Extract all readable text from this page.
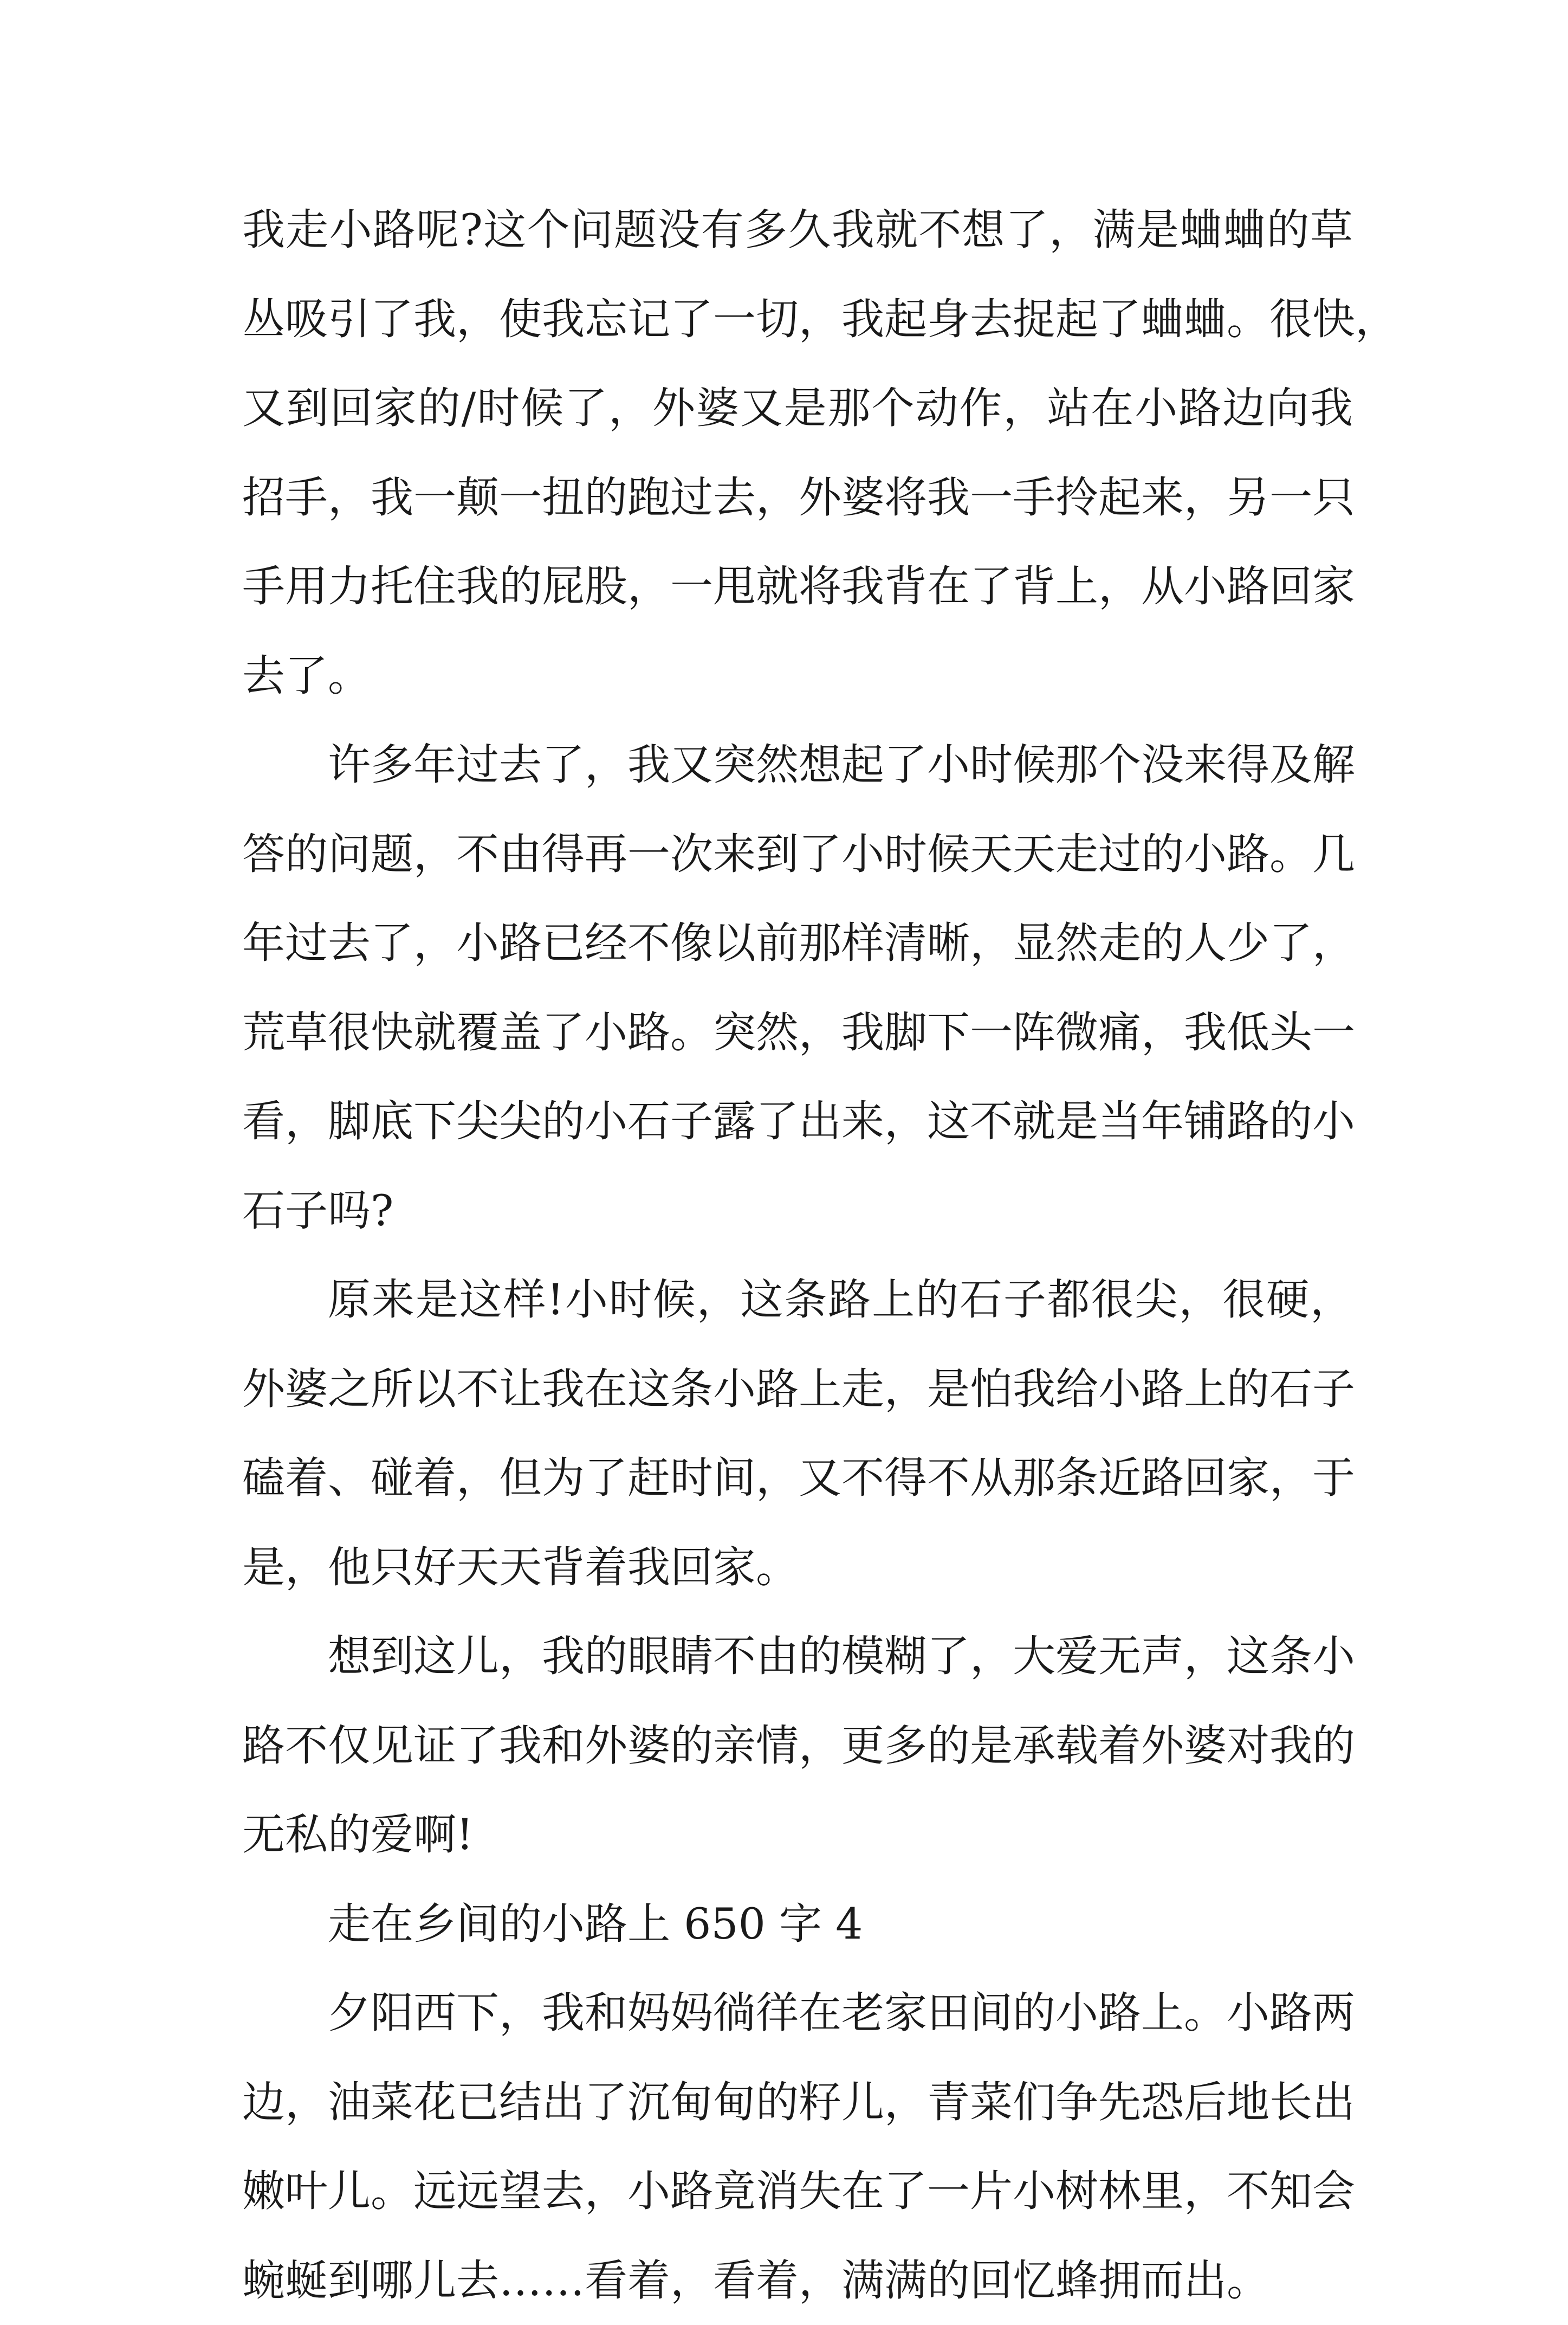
我走小路呢?这个问题没有多久我就不想了，满是蛐蛐的草
丛吸引了我，使我忘记了一切，我起身去捉起了蛐蛐。很快，
又到回家的/时候了，外婆又是那个动作，站在小路边向我
招手，我一颠一扭的跑过去，外婆将我一手拎起来，另一只
手用力托住我的屁股，一甩就将我背在了背上，从小路回家
去了。
许多年过去了，我又突然想起了小时候那个没来得及解
答的问题，不由得再一次来到了小时候天天走过的小路。几
年过去了，小路已经不像以前那样清晰，显然走的人少了，
荒草很快就覆盖了小路。突然，我脚下一阵微痛，我低头一
看，脚底下尖尖的小石子露了出来，这不就是当年铺路的小
石子吗?
原来是这样!小时候，这条路上的石子都很尖，很硬，
外婆之所以不让我在这条小路上走，是怕我给小路上的石子
磕着、碰着，但为了赶时间，又不得不从那条近路回家，于
是，他只好天天背着我回家。
想到这儿，我的眼睛不由的模糊了，大爱无声，这条小
路不仅见证了我和外婆的亲情，更多的是承载着外婆对我的
无私的爱啊!
走在乡间的小路上 650 字 4
夕阳西下，我和妈妈徜徉在老家田间的小路上。小路两
边，油菜花已结出了沉甸甸的籽儿，青菜们争先恐后地长出
嫩叶儿。远远望去，小路竟消失在了一片小树林里，不知会
蜿蜒到哪儿去……看着，看着，满满的回忆蜂拥而出。
